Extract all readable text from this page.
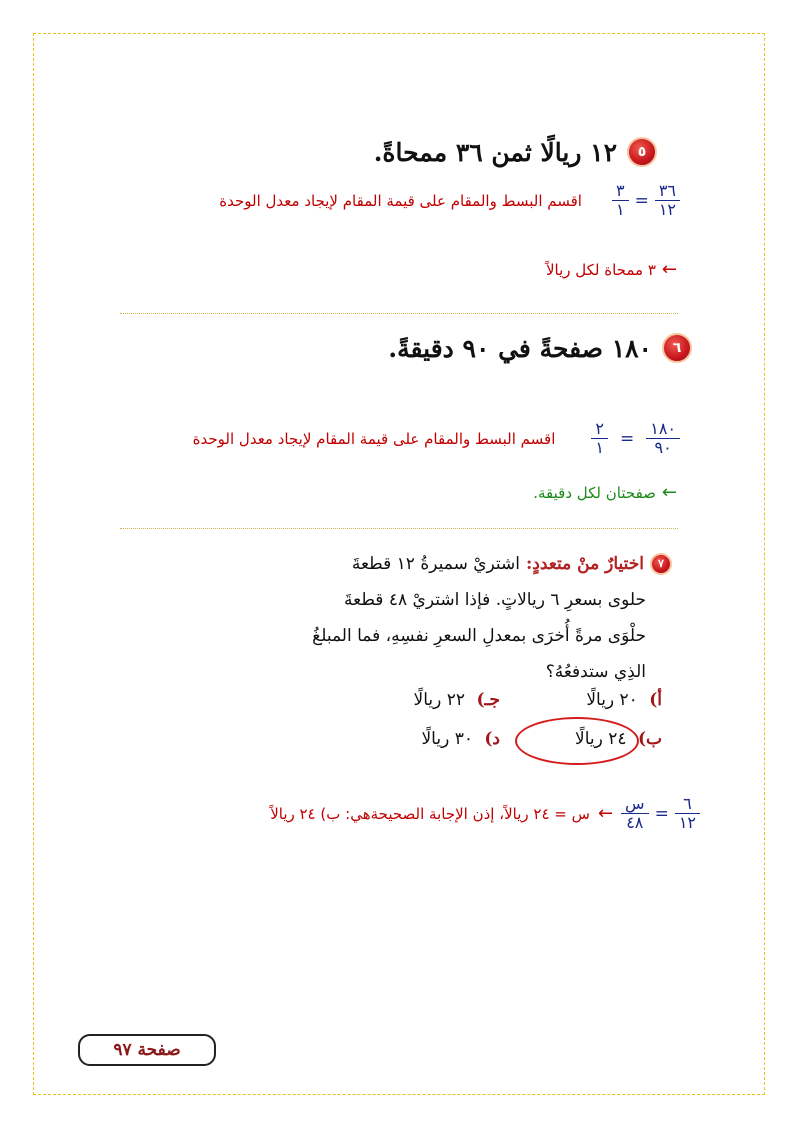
٥
١٢ ريالًا ثمن ٣٦ ممحاةً.
اقسم البسط والمقام على قيمة المقام لإيجاد معدل الوحدة $\frac{٣}{١} = \frac{٣٦}{١٢}$
٣ ممحاة لكل ريالاً ←
٦
١٨٠ صفحةً في ٩٠ دقيقةً.
اقسم البسط والمقام على قيمة المقام لإيجاد معدل الوحدة $\frac{٢}{١} = \frac{١٨٠}{٩٠}$
صفحتان لكل دقيقة. ←
٧
اختيارٌ منْ متعددٍ:
اشتريْ سميرةُ ١٢ قطعةَ
حلوى بسعرِ ٦ ريالاتٍ. فإذا اشتريْ ٤٨ قطعةَ
حلْوَى مرةً أُخرَى بمعدلِ السعرِ نفسِهِ، فما المبلغُ
الذِي ستدفعُهُ؟
أ) ٢٠ ريالًا
جـ) ٢٢ ريالًا
ب) ٢٤ ريالًا
د) ٣٠ ريالًا
س = ٢٤ ريالاً، إذن الإجابة الصحيحةهي: ب) ٢٤ ريالاً ← $\frac{\text{س}}{٤٨} = \frac{٦}{١٢}$
صفحة ٩٧
